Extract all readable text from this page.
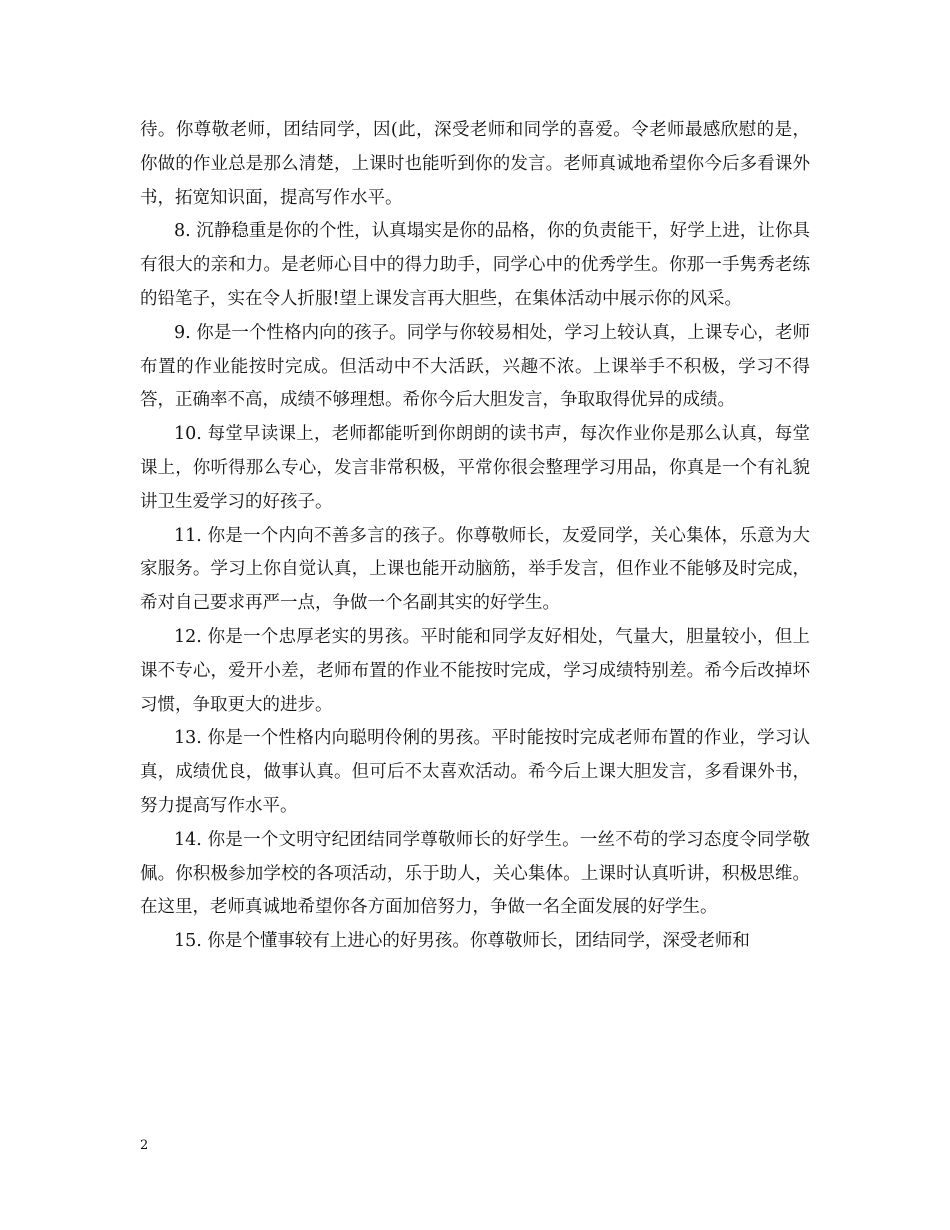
待。你尊敬老师，团结同学，因(此，深受老师和同学的喜爱。令老师最感欣慰的是，你做的作业总是那么清楚，上课时也能听到你的发言。老师真诚地希望你今后多看课外书，拓宽知识面，提高写作水平。

8. 沉静稳重是你的个性，认真塌实是你的品格，你的负责能干，好学上进，让你具有很大的亲和力。是老师心目中的得力助手，同学心中的优秀学生。你那一手隽秀老练的铅笔子，实在令人折服!望上课发言再大胆些，在集体活动中展示你的风采。

9. 你是一个性格内向的孩子。同学与你较易相处，学习上较认真，上课专心，老师布置的作业能按时完成。但活动中不大活跃，兴趣不浓。上课举手不积极，学习不得答，正确率不高，成绩不够理想。希你今后大胆发言，争取取得优异的成绩。

10. 每堂早读课上，老师都能听到你朗朗的读书声，每次作业你是那么认真，每堂课上，你听得那么专心，发言非常积极，平常你很会整理学习用品，你真是一个有礼貌讲卫生爱学习的好孩子。

11. 你是一个内向不善多言的孩子。你尊敬师长，友爱同学，关心集体，乐意为大家服务。学习上你自觉认真，上课也能开动脑筋，举手发言，但作业不能够及时完成，希对自己要求再严一点，争做一个名副其实的好学生。

12. 你是一个忠厚老实的男孩。平时能和同学友好相处，气量大，胆量较小，但上课不专心，爱开小差，老师布置的作业不能按时完成，学习成绩特别差。希今后改掉坏习惯，争取更大的进步。

13. 你是一个性格内向聪明伶俐的男孩。平时能按时完成老师布置的作业，学习认真，成绩优良，做事认真。但可后不太喜欢活动。希今后上课大胆发言，多看课外书，努力提高写作水平。

14. 你是一个文明守纪团结同学尊敬师长的好学生。一丝不苟的学习态度令同学敬佩。你积极参加学校的各项活动，乐于助人，关心集体。上课时认真听讲，积极思维。在这里，老师真诚地希望你各方面加倍努力，争做一名全面发展的好学生。

15. 你是个懂事较有上进心的好男孩。你尊敬师长，团结同学，深受老师和

2
